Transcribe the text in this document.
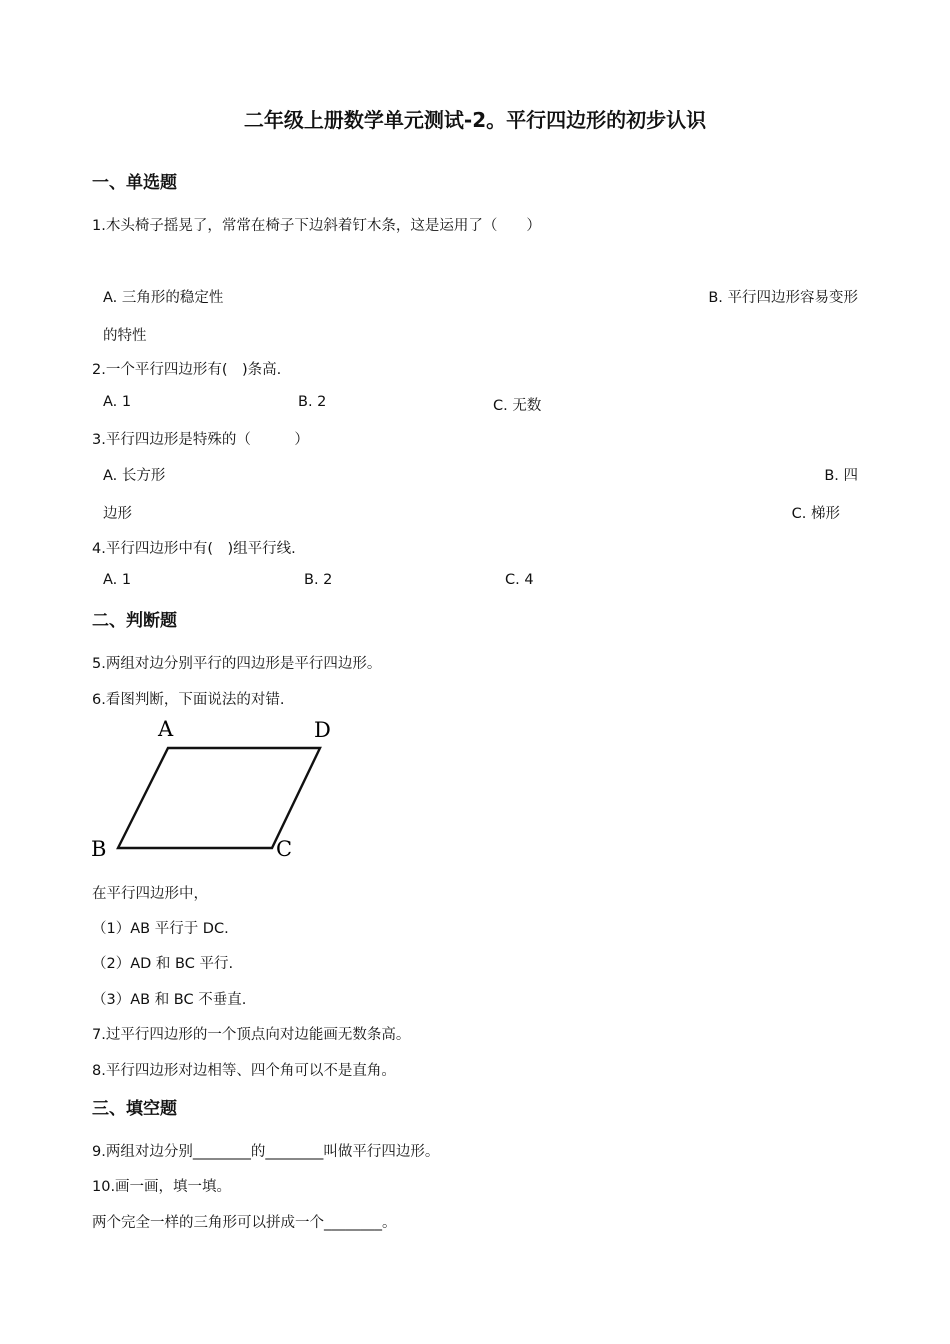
二年级上册数学单元测试-2。平行四边形的初步认识
一、单选题
1.木头椅子摇晃了，常常在椅子下边斜着钉木条，这是运用了（　　）
A. 三角形的稳定性	B. 平行四边形容易变形
的特性
2.一个平行四边形有(　)条高.
A. 1	B. 2	C. 无数
3.平行四边形是特殊的（　　　）
A. 长方形	B. 四
边形	C. 梯形
4.平行四边形中有(　)组平行线.
A. 1	B. 2	C. 4
二、判断题
5.两组对边分别平行的四边形是平行四边形。
6.看图判断，下面说法的对错.
A	D
B	C
在平行四边形中，
（1）AB 平行于 DC.
（2）AD 和 BC 平行.
（3）AB 和 BC 不垂直.
7.过平行四边形的一个顶点向对边能画无数条高。
8.平行四边形对边相等、四个角可以不是直角。
三、填空题
9.两组对边分别________的________叫做平行四边形。
10.画一画，填一填。
两个完全一样的三角形可以拼成一个________。
